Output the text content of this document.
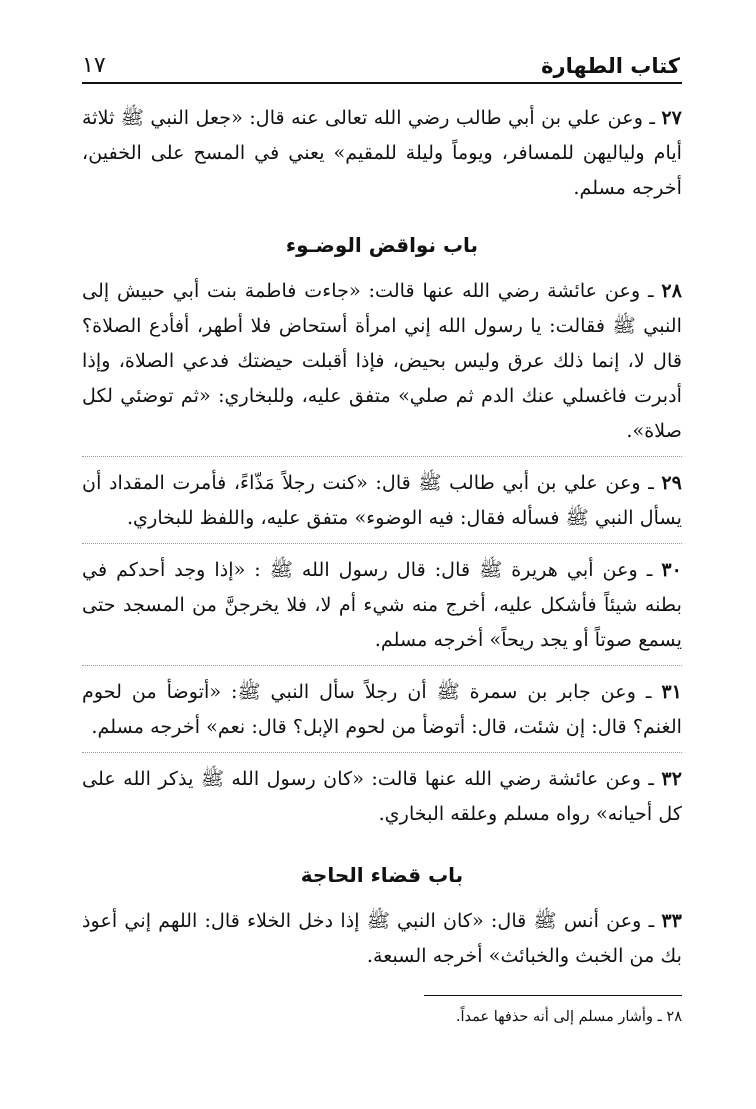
كتاب الطهارة
١٧

٢٧ ـ وعن علي بن أبي طالب رضي الله تعالى عنه قال: «جعل النبي ﷺ ثلاثة أيام ولياليهن للمسافر، ويوماً وليلة للمقيم» يعني في المسح على الخفين، أخرجه مسلم.

باب نواقض الوضـوء

٢٨ ـ وعن عائشة رضي الله عنها قالت: «جاءت فاطمة بنت أبي حبيش إلى النبي ﷺ فقالت: يا رسول الله إني امرأة أستحاض فلا أطهر، أفأدع الصلاة؟ قال لا، إنما ذلك عرق وليس بحيض، فإذا أقبلت حيضتك فدعي الصلاة، وإذا أدبرت فاغسلي عنك الدم ثم صلي» متفق عليه، وللبخاري: «ثم توضئي لكل صلاة».

٢٩ ـ وعن علي بن أبي طالب ﷺ قال: «كنت رجلاً مَذّاءً، فأمرت المقداد أن يسأل النبي ﷺ فسأله فقال: فيه الوضوء» متفق عليه، واللفظ للبخاري.

٣٠ ـ وعن أبي هريرة ﷺ قال: قال رسول الله ﷺ : «إذا وجد أحدكم في بطنه شيئاً فأشكل عليه، أخرج منه شيء أم لا، فلا يخرجنَّ من المسجد حتى يسمع صوتاً أو يجد ريحاً» أخرجه مسلم.

٣١ ـ وعن جابر بن سمرة ﷺ أن رجلاً سأل النبي ﷺ: «أتوضأ من لحوم الغنم؟ قال: إن شئت، قال: أتوضأ من لحوم الإبل؟ قال: نعم» أخرجه مسلم.

٣٢ ـ وعن عائشة رضي الله عنها قالت: «كان رسول الله ﷺ يذكر الله على كل أحيانه» رواه مسلم وعلقه البخاري.

باب قضاء الحاجة

٣٣ ـ وعن أنس ﷺ قال: «كان النبي ﷺ إذا دخل الخلاء قال: اللهم إني أعوذ بك من الخبث والخبائث» أخرجه السبعة.

٢٨ ـ وأشار مسلم إلى أنه حذفها عمداً.
